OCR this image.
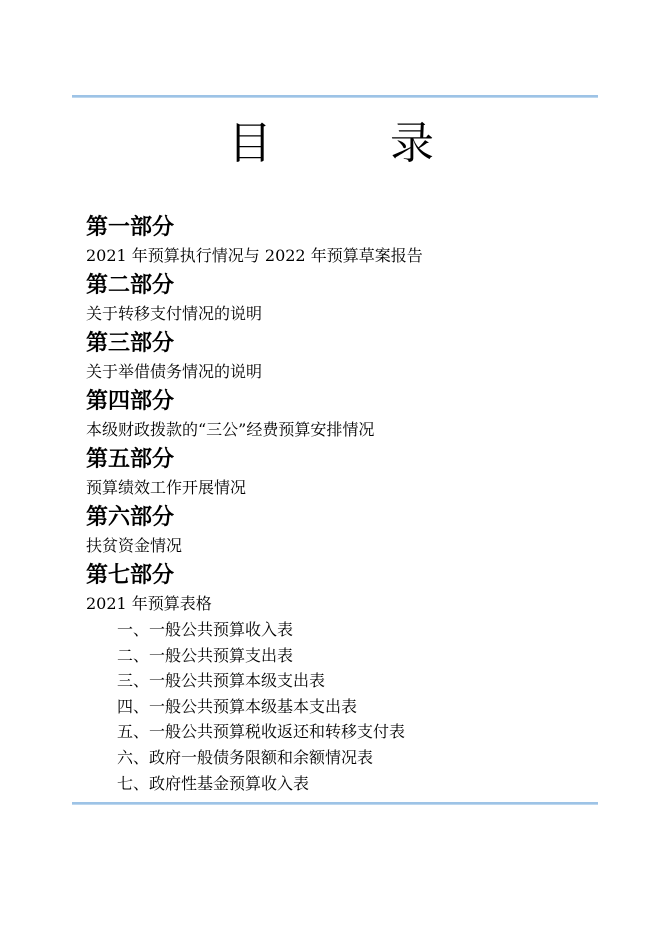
目	录
第一部分
2021 年预算执行情况与 2022 年预算草案报告
第二部分
关于转移支付情况的说明
第三部分
关于举借债务情况的说明
第四部分
本级财政拨款的“三公”经费预算安排情况
第五部分
预算绩效工作开展情况
第六部分
扶贫资金情况
第七部分
2021 年预算表格
一、一般公共预算收入表
二、一般公共预算支出表
三、一般公共预算本级支出表
四、一般公共预算本级基本支出表
五、一般公共预算税收返还和转移支付表
六、政府一般债务限额和余额情况表
七、政府性基金预算收入表
